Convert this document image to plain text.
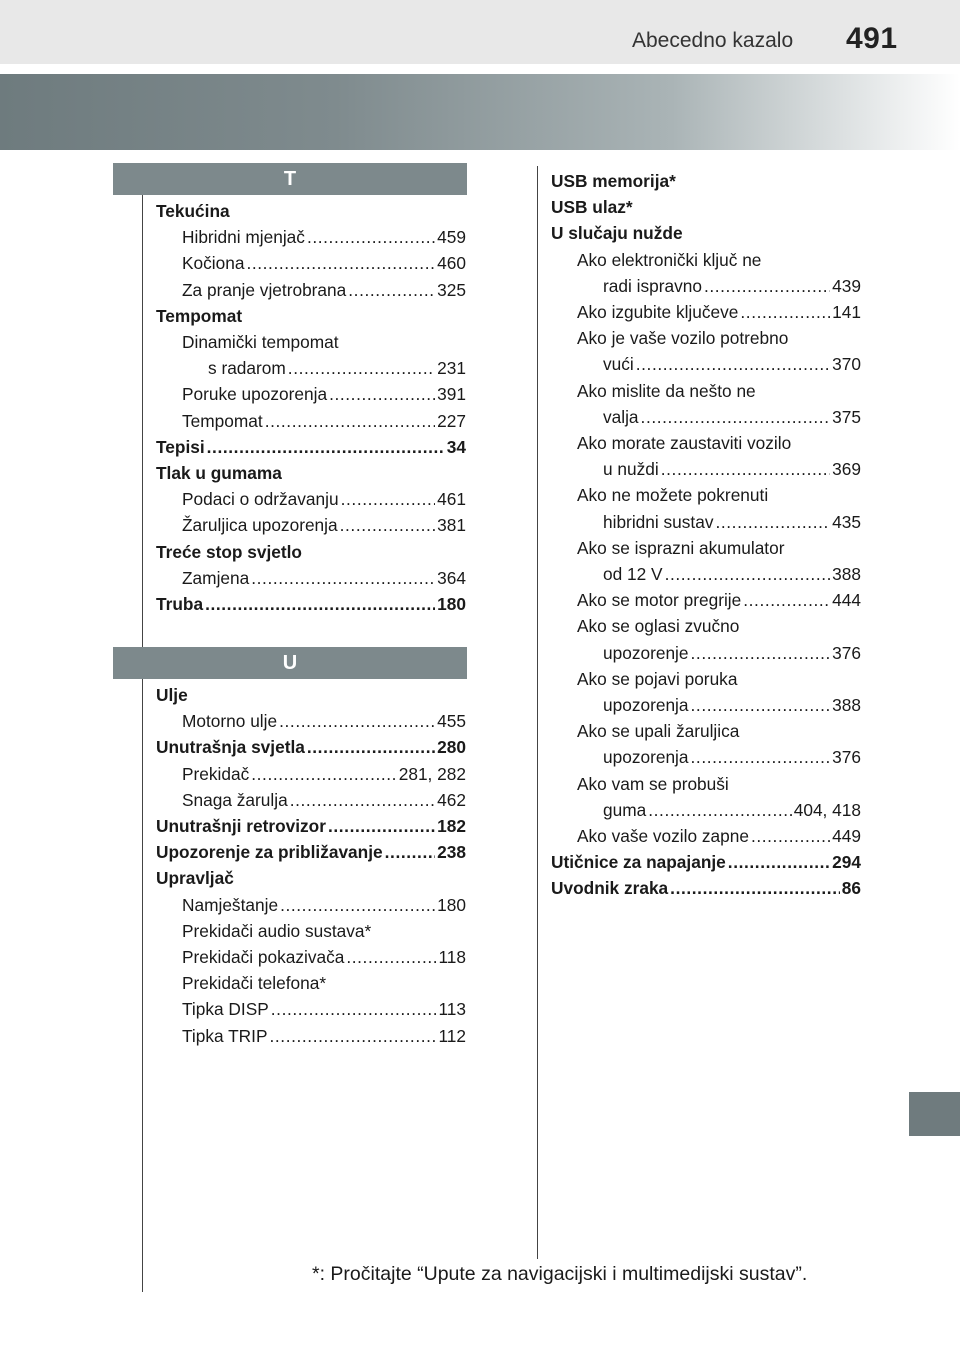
Abecedno kazalo 491
T
U
Tekućina
Hibridni mjenjač .....	459
Kočiona .....	460
Za pranje vjetrobrana .....	325
Tempomat
Dinamički tempomat
s radarom .....	231
Poruke upozorenja .....	391
Tempomat .....	227
Tepisi .....	34
Tlak u gumama
Podaci o održavanju .....	461
Žaruljica upozorenja .....	381
Treće stop svjetlo
Zamjena .....	364
Truba .....	180
Ulje
Motorno ulje .....	455
Unutrašnja svjetla .....	280
Prekidač .....	281, 282
Snaga žarulja .....	462
Unutrašnji retrovizor .....	182
Upozorenje za približavanje .....	238
Upravljač
Namještanje .....	180
Prekidači audio sustava*
Prekidači pokazivača .....	118
Prekidači telefona*
Tipka DISP .....	113
Tipka TRIP .....	112
USB memorija*
USB ulaz*
U slučaju nužde
Ako elektronički ključ ne
radi ispravno .....	439
Ako izgubite ključeve .....	141
Ako je vaše vozilo potrebno
vući .....	370
Ako mislite da nešto ne
valja .....	375
Ako morate zaustaviti vozilo
u nuždi .....	369
Ako ne možete pokrenuti
hibridni sustav .....	435
Ako se isprazni akumulator
od 12 V .....	388
Ako se motor pregrije .....	444
Ako se oglasi zvučno
upozorenje .....	376
Ako se pojavi poruka
upozorenja .....	388
Ako se upali žaruljica
upozorenja .....	376
Ako vam se probuši
guma .....	404, 418
Ako vaše vozilo zapne .....	449
Utičnice za napajanje .....	294
Uvodnik zraka .....	86
*: Pročitajte “Upute za navigacijski i multimedijski sustav”.
